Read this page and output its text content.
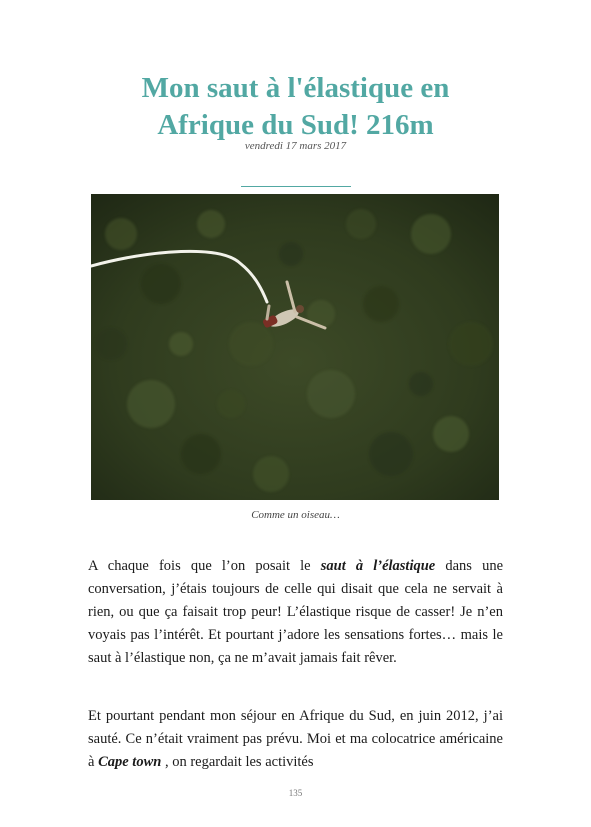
Mon saut à l'élastique en
Afrique du Sud! 216m
vendredi 17 mars 2017
Comme un oiseau…

A chaque fois que l’on posait le saut à l’élastique dans une conversation, j’étais toujours de celle qui disait que cela ne servait à rien, ou que ça faisait trop peur! L’élastique risque de casser! Je n’en voyais pas l’intérêt. Et pourtant j’adore les sensations fortes… mais le saut à l’élastique non, ça ne m’avait jamais fait rêver.

Et pourtant pendant mon séjour en Afrique du Sud, en juin 2012, j’ai sauté. Ce n’était vraiment pas prévu. Moi et ma colocatrice américaine à Cape town , on regardait les activités

135
